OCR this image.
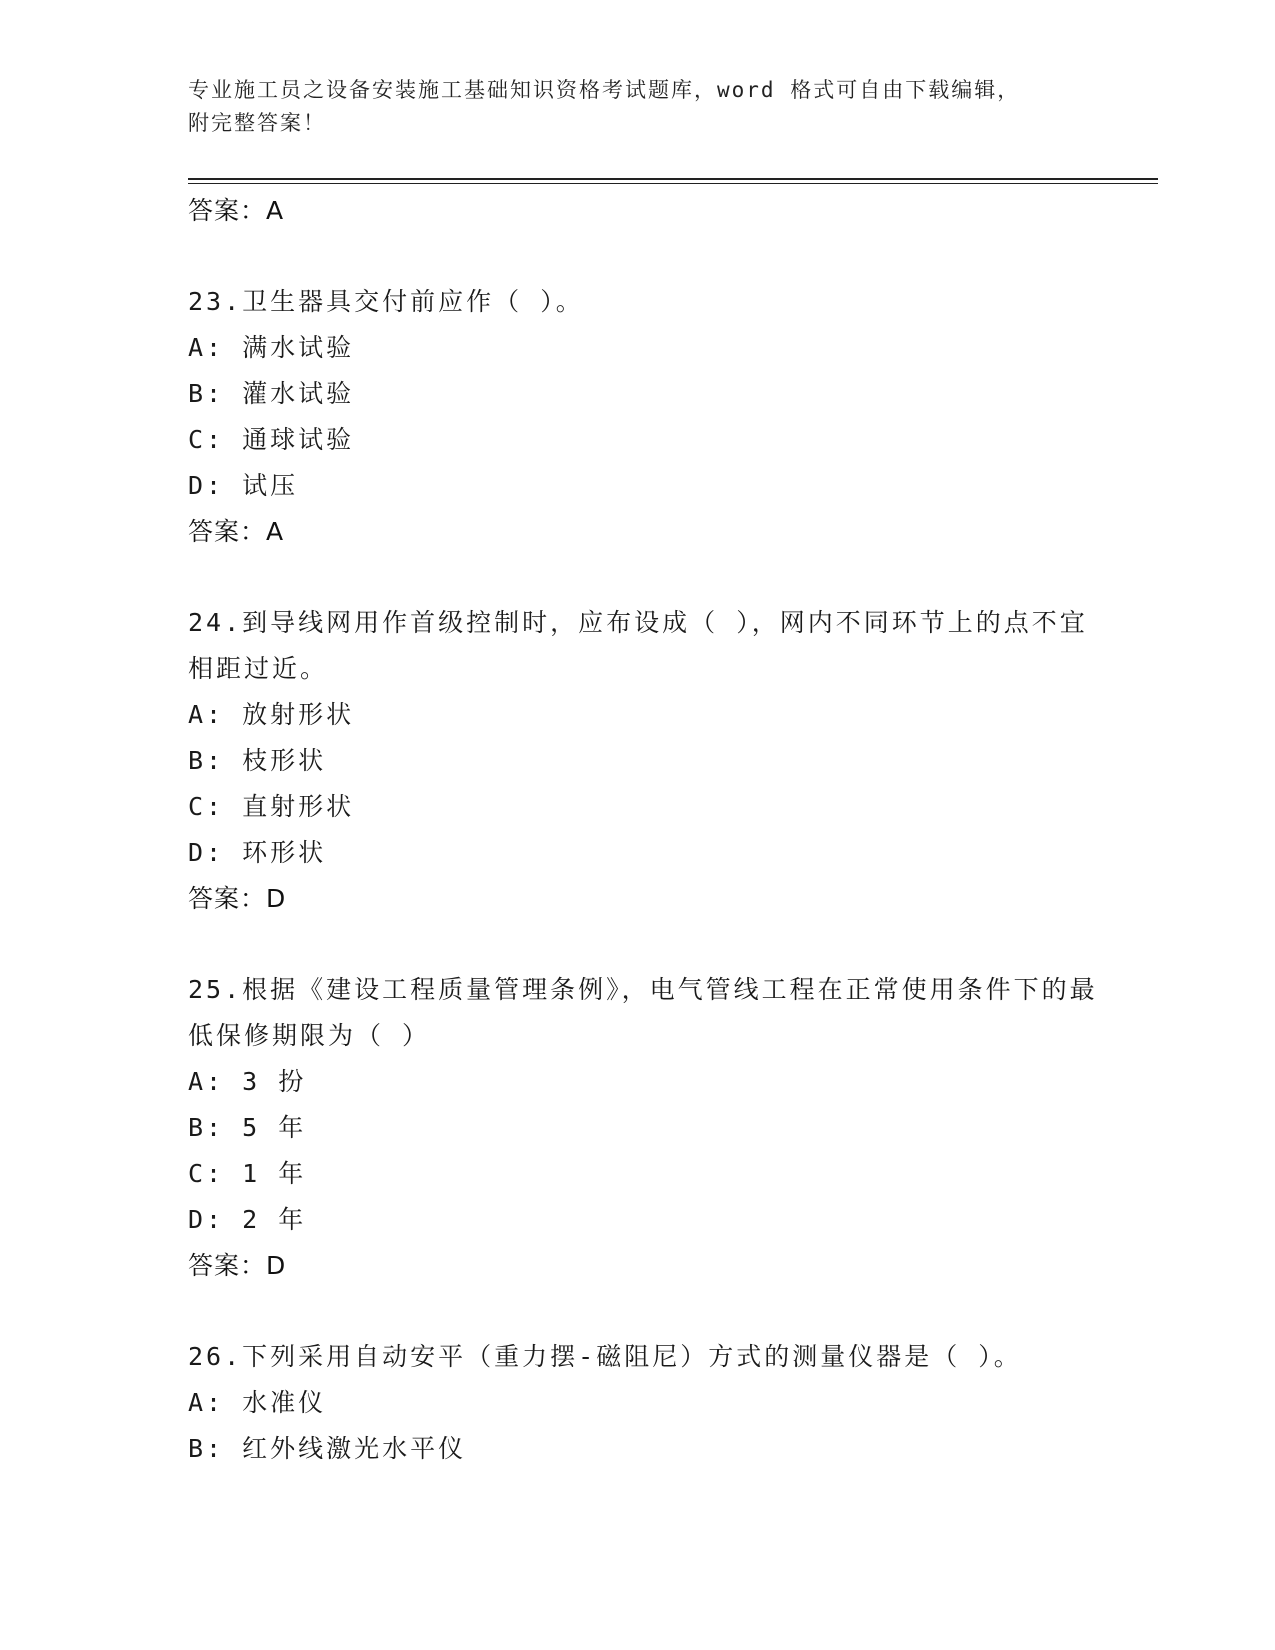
专业施工员之设备安装施工基础知识资格考试题库，word 格式可自由下载编辑，
附完整答案！
答案：A
23.卫生器具交付前应作（ ）。
A: 满水试验
B: 灌水试验
C: 通球试验
D: 试压
答案：A
24.到导线网用作首级控制时，应布设成（ ），网内不同环节上的点不宜相距过近。
A: 放射形状
B: 枝形状
C: 直射形状
D: 环形状
答案：D
25.根据《建设工程质量管理条例》，电气管线工程在正常使用条件下的最低保修期限为（ ）
A: 3 扮
B: 5 年
C: 1 年
D: 2 年
答案：D
26.下列采用自动安平（重力摆-磁阻尼）方式的测量仪器是（ ）。
A: 水准仪
B: 红外线激光水平仪
